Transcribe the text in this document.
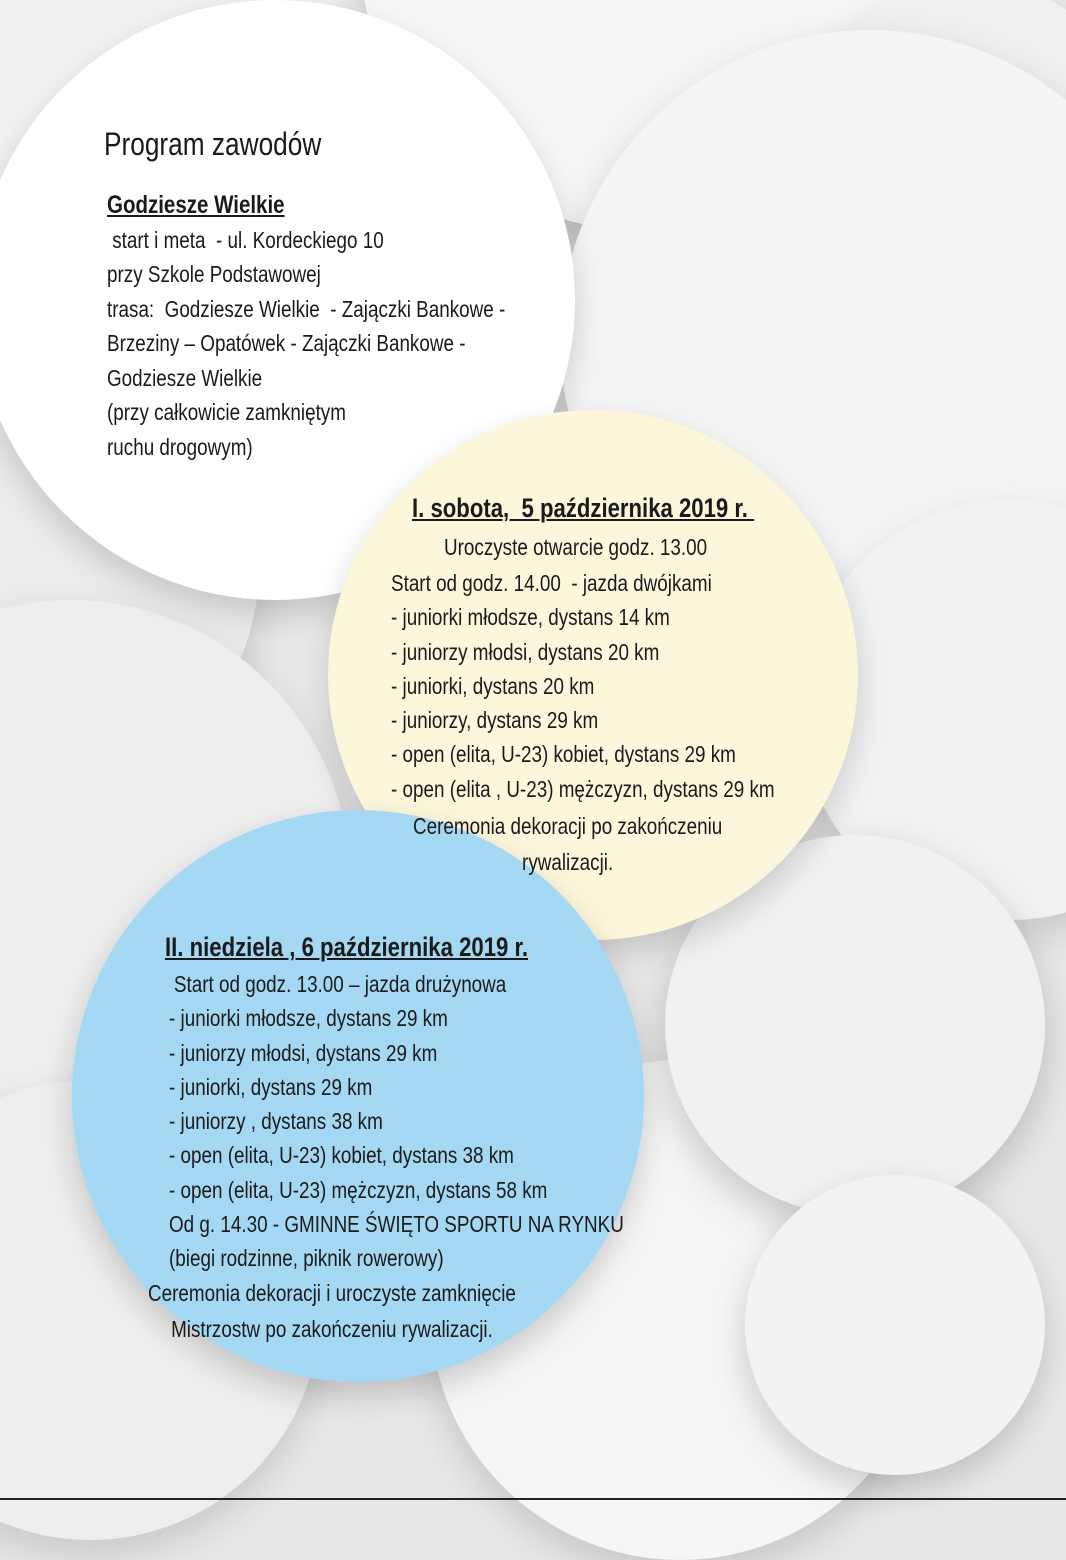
Program zawodów
Godziesze Wielkie
start i meta  - ul. Kordeckiego 10
przy Szkole Podstawowej
trasa:  Godziesze Wielkie  - Zajączki Bankowe -
Brzeziny – Opatówek - Zajączki Bankowe -
Godziesze Wielkie
(przy całkowicie zamkniętym
ruchu drogowym)
I. sobota,  5 października 2019 r.
Uroczyste otwarcie godz. 13.00
Start od godz. 14.00  - jazda dwójkami
- juniorki młodsze, dystans 14 km
- juniorzy młodsi, dystans 20 km
- juniorki, dystans 20 km
- juniorzy, dystans 29 km
- open (elita, U-23) kobiet, dystans 29 km
- open (elita , U-23) mężczyzn, dystans 29 km
Ceremonia dekoracji po zakończeniu
rywalizacji.
II. niedziela , 6 października 2019 r.
Start od godz. 13.00 – jazda drużynowa
- juniorki młodsze, dystans 29 km
- juniorzy młodsi, dystans 29 km
- juniorki, dystans 29 km
- juniorzy , dystans 38 km
- open (elita, U-23) kobiet, dystans 38 km
- open (elita, U-23) mężczyzn, dystans 58 km
Od g. 14.30 - GMINNE ŚWIĘTO SPORTU NA RYNKU
(biegi rodzinne, piknik rowerowy)
Ceremonia dekoracji i uroczyste zamknięcie
Mistrzostw po zakończeniu rywalizacji.
